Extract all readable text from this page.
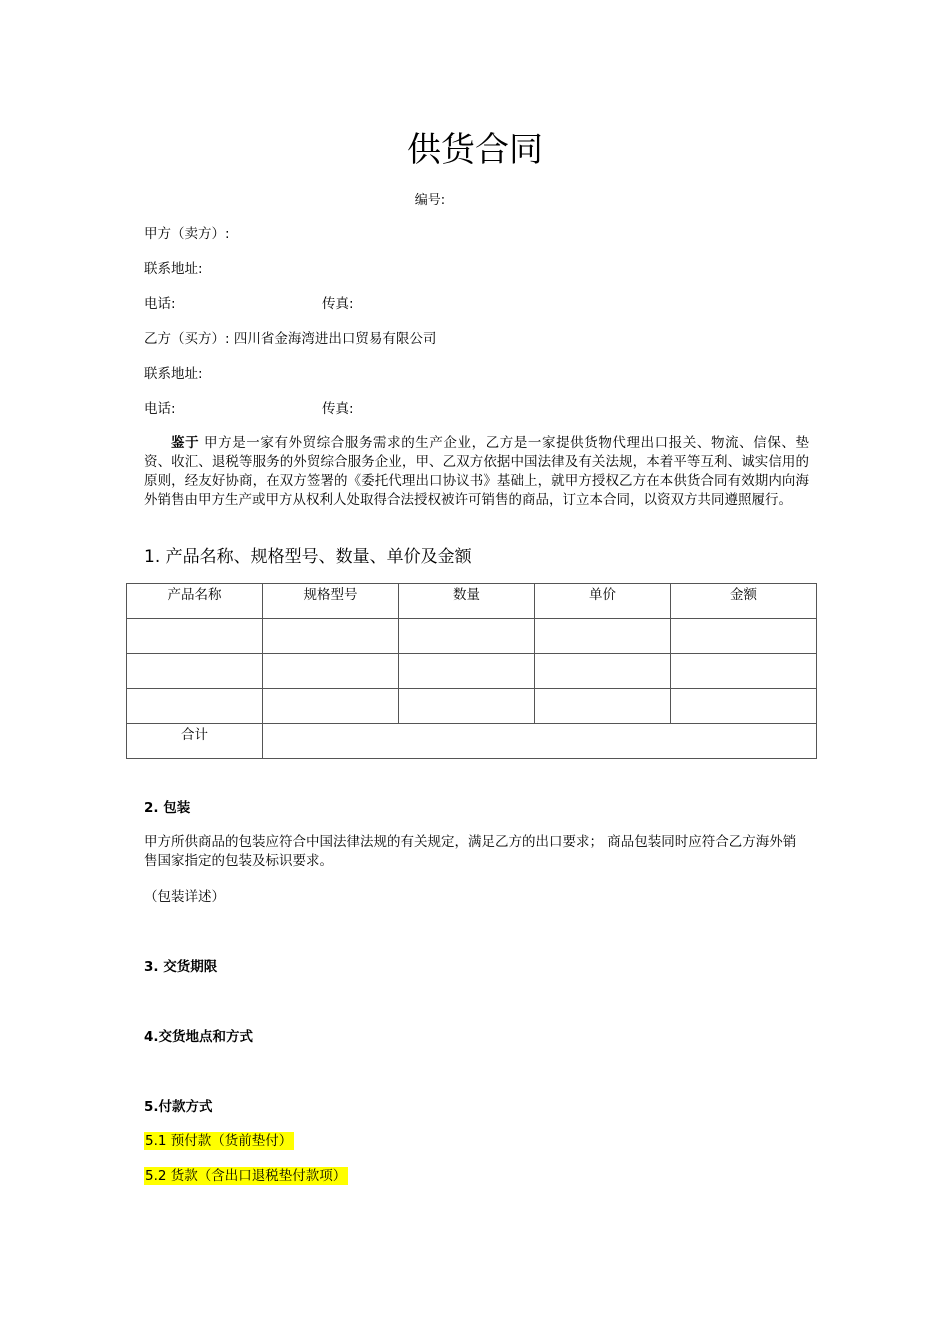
供货合同
编号:
甲方（卖方）:
联系地址:
电话:	传真:
乙方（买方）: 四川省金海湾进出口贸易有限公司
联系地址:
电话:	传真:
鉴于 甲方是一家有外贸综合服务需求的生产企业，乙方是一家提供货物代理出口报关、物流、信保、垫资、收汇、退税等服务的外贸综合服务企业，甲、乙双方依据中国法律及有关法规，本着平等互利、诚实信用的原则，经友好协商，在双方签署的《委托代理出口协议书》基础上，就甲方授权乙方在本供货合同有效期内向海外销售由甲方生产或甲方从权利人处取得合法授权被许可销售的商品，订立本合同，以资双方共同遵照履行。
1. 产品名称、规格型号、数量、单价及金额
产品名称	规格型号	数量	单价	金额

合计				
2. 包装
甲方所供商品的包装应符合中国法律法规的有关规定，满足乙方的出口要求； 商品包装同时应符合乙方海外销售国家指定的包装及标识要求。
（包装详述）
3. 交货期限
4.交货地点和方式
5.付款方式
5.1 预付款（货前垫付）
5.2 货款（含出口退税垫付款项）
